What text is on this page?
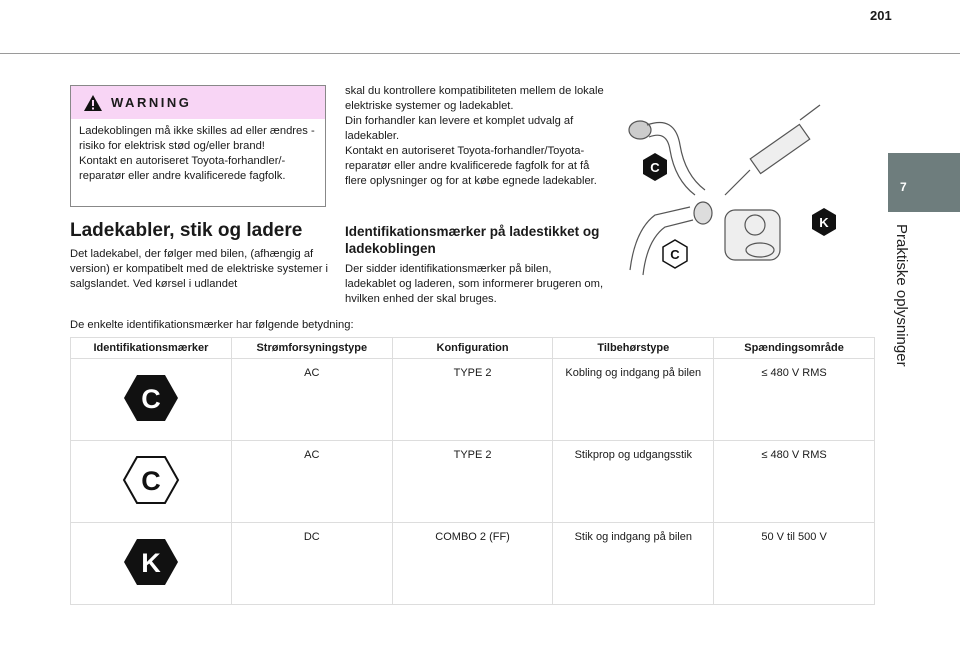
201
7
Praktiske oplysninger
WARNING
Ladekoblingen må ikke skilles ad eller ændres - risiko for elektrisk stød og/eller brand!
Kontakt en autoriseret Toyota-forhandler/-reparatør eller andre kvalificerede fagfolk.
Ladekabler, stik og ladere
Det ladekabel, der følger med bilen, (afhængig af version) er kompatibelt med de elektriske systemer i salgslandet. Ved kørsel i udlandet
skal du kontrollere kompatibiliteten mellem de lokale elektriske systemer og ladekablet.
Din forhandler kan levere et komplet udvalg af ladekabler.
Kontakt en autoriseret Toyota-forhandler/Toyota-reparatør eller andre kvalificerede fagfolk for at få flere oplysninger og for at købe egnede ladekabler.
Identifikationsmærker på ladestikket og ladekoblingen
Der sidder identifikationsmærker på bilen, ladekablet og laderen, som informerer brugeren om, hvilken enhed der skal bruges.
C
C
K
De enkelte identifikationsmærker har følgende betydning:
Identifikationsmærker	Strømforsyningstype	Konfiguration	Tilbehørstype	Spændingsområde

C	AC	TYPE 2	Kobling og indgang på bilen	≤ 480 V RMS

C	AC	TYPE 2	Stikprop og udgangsstik	≤ 480 V RMS

K	DC	COMBO 2 (FF)	Stik og indgang på bilen	50 V til 500 V
